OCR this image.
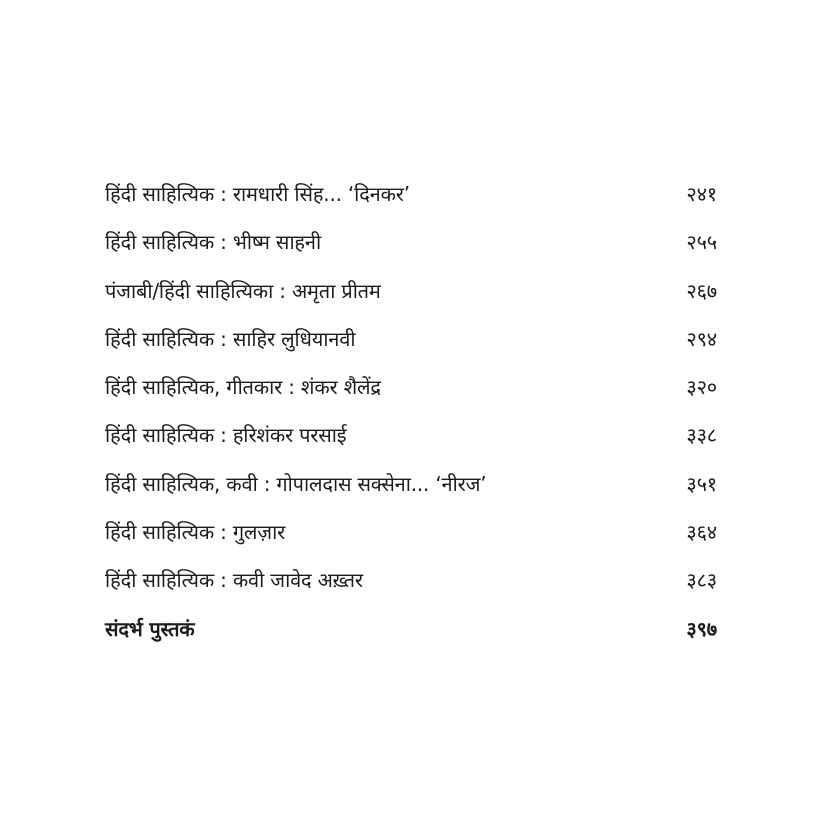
हिंदी साहित्यिक : रामधारी सिंह... ‘दिनकर’	२४१
हिंदी साहित्यिक : भीष्म साहनी	२५५
पंजाबी/हिंदी साहित्यिका : अमृता प्रीतम	२६७
हिंदी साहित्यिक : साहिर लुधियानवी	२९४
हिंदी साहित्यिक, गीतकार : शंकर शैलेंद्र	३२०
हिंदी साहित्यिक : हरिशंकर परसाई	३३८
हिंदी साहित्यिक, कवी : गोपालदास सक्सेना... ‘नीरज’	३५१
हिंदी साहित्यिक : गुलज़ार	३६४
हिंदी साहित्यिक : कवी जावेद अख़्तर	३८३
संदर्भ पुस्तकं	३९७
